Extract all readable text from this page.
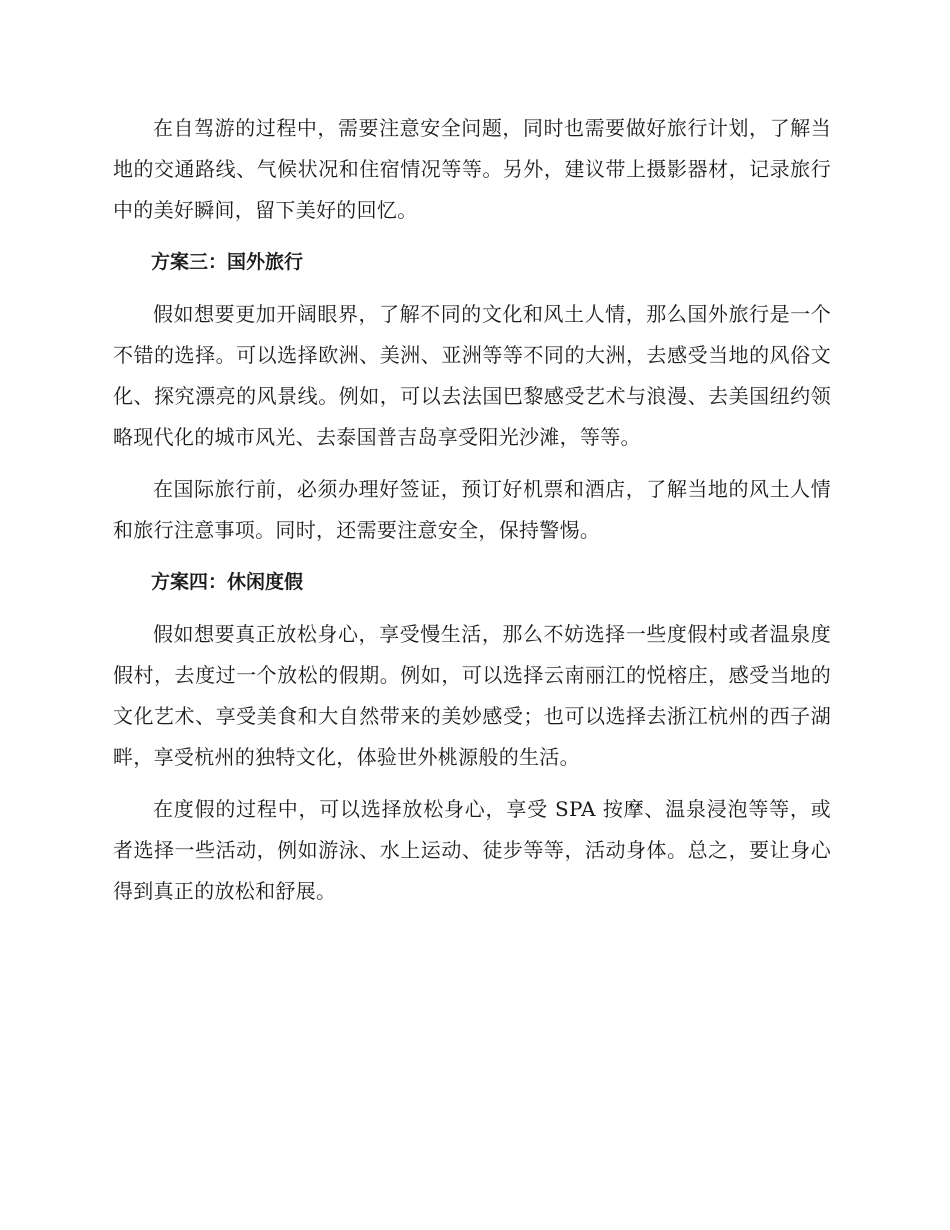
在自驾游的过程中，需要注意安全问题，同时也需要做好旅行计划，了解当地的交通路线、气候状况和住宿情况等等。另外，建议带上摄影器材，记录旅行中的美好瞬间，留下美好的回忆。

方案三：国外旅行

假如想要更加开阔眼界，了解不同的文化和风土人情，那么国外旅行是一个不错的选择。可以选择欧洲、美洲、亚洲等等不同的大洲，去感受当地的风俗文化、探究漂亮的风景线。例如，可以去法国巴黎感受艺术与浪漫、去美国纽约领略现代化的城市风光、去泰国普吉岛享受阳光沙滩，等等。

在国际旅行前，必须办理好签证，预订好机票和酒店，了解当地的风土人情和旅行注意事项。同时，还需要注意安全，保持警惕。

方案四：休闲度假

假如想要真正放松身心，享受慢生活，那么不妨选择一些度假村或者温泉度假村，去度过一个放松的假期。例如，可以选择云南丽江的悦榕庄，感受当地的文化艺术、享受美食和大自然带来的美妙感受；也可以选择去浙江杭州的西子湖畔，享受杭州的独特文化，体验世外桃源般的生活。

在度假的过程中，可以选择放松身心，享受 SPA 按摩、温泉浸泡等等，或者选择一些活动，例如游泳、水上运动、徒步等等，活动身体。总之，要让身心得到真正的放松和舒展。
